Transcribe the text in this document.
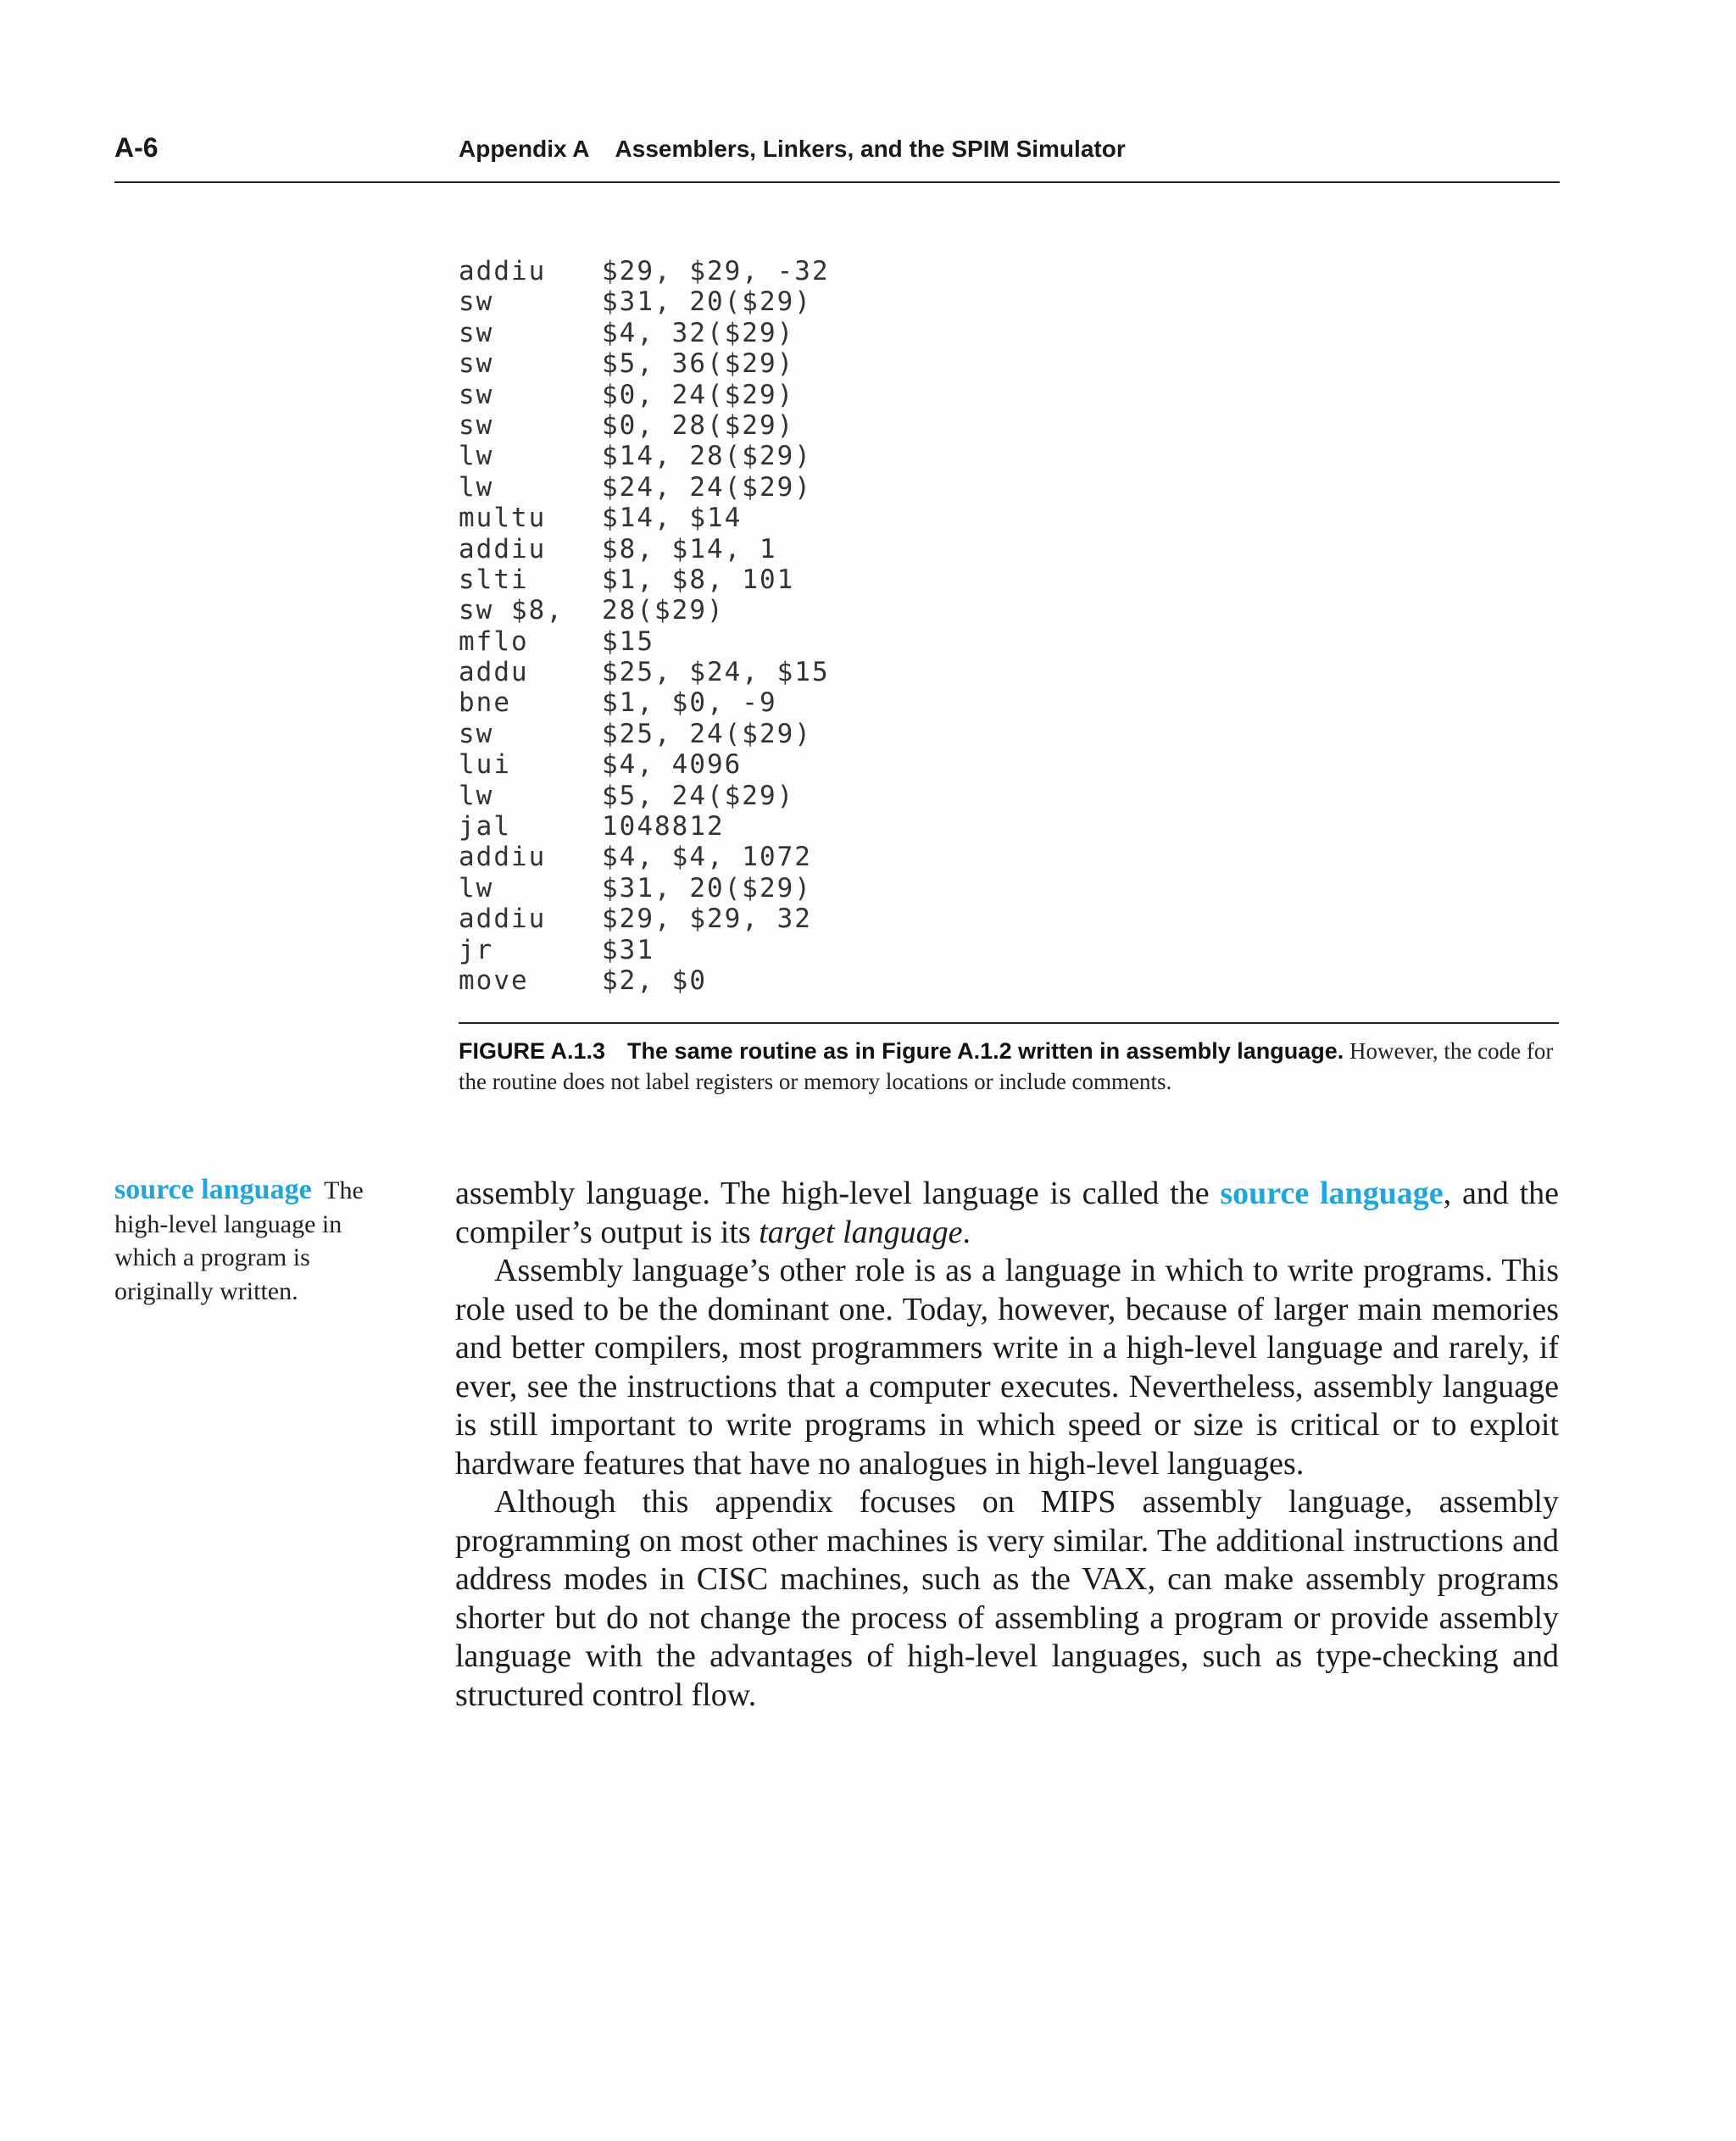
A-6	Appendix A Assemblers, Linkers, and the SPIM Simulator
addiu $29, $29, -32
sw	$31, 20($29)
sw	$4, 32($29)
sw	$5, 36($29)
sw	$0, 24($29)
sw	$0, 28($29)
lw	$14, 28($29)
lw	$24, 24($29)
multu $14, $14
addiu $8, $14, 1
slti	$1, $8, 101
sw $8, 28($29)
mflo	$15
addu	$25, $24, $15
bne	$1, $0, -9
sw	$25, 24($29)
lui	$4, 4096
lw	$5, 24($29)
jal	1048812
addiu $4, $4, 1072
lw	$31, 20($29)
addiu $29, $29, 32
jr	$31
move	$2, $0
FIGURE A.1.3 The same routine as in Figure A.1.2 written in assembly language. However, the code for the routine does not label registers or memory locations or include comments.
source language The high-level language in which a program is originally written.

assembly language. The high-level language is called the source language, and the compiler’s output is its target language.

Assembly language’s other role is as a language in which to write programs. This role used to be the dominant one. Today, however, because of larger main memories and better compilers, most programmers write in a high-level language and rarely, if ever, see the instructions that a computer executes. Nevertheless, assembly language is still important to write programs in which speed or size is critical or to exploit hardware features that have no analogues in high-level languages.

Although this appendix focuses on MIPS assembly language, assembly programming on most other machines is very similar. The additional instructions and address modes in CISC machines, such as the VAX, can make assembly programs shorter but do not change the process of assembling a program or provide assembly language with the advantages of high-level languages, such as type-checking and structured control flow.
